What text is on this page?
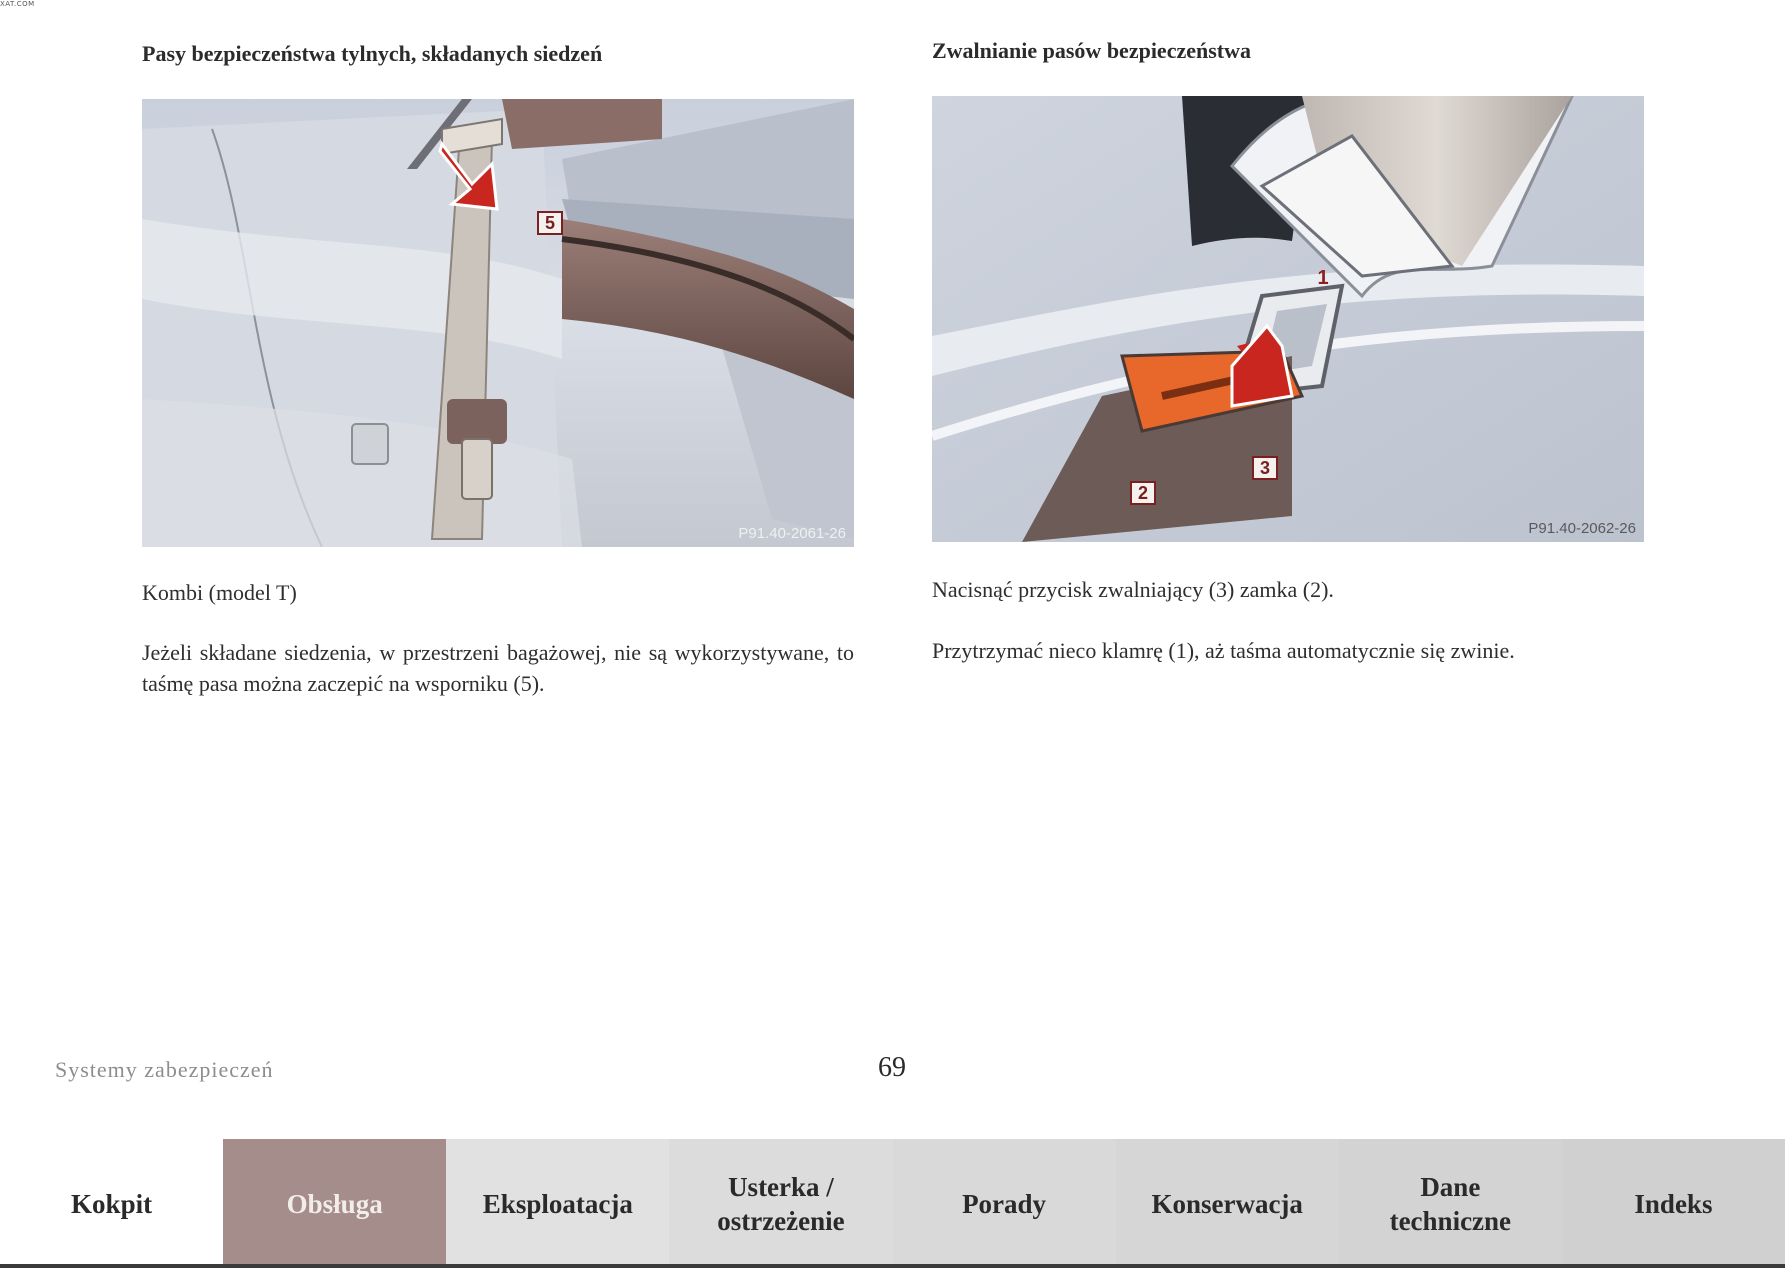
XAT.COM
Pasy bezpieczeństwa tylnych, składanych siedzeń
5
P91.40-2061-26
Kombi (model T)
Jeżeli składane siedzenia, w przestrzeni bagażowej, nie są wykorzystywane, to taśmę pasa można zaczepić na wsporniku (5).
Zwalnianie pasów bezpieczeństwa
1
2
3
P91.40-2062-26
Nacisnąć przycisk zwalniający (3) zamka (2).
Przytrzymać nieco klamrę (1), aż taśma automatycznie się zwinie.
Systemy zabezpieczeń	69
Kokpit	Obsługa	Eksploatacja
Usterka /
ostrzeżenie
Porady	Konserwacja
Dane
techniczne
Indeks
